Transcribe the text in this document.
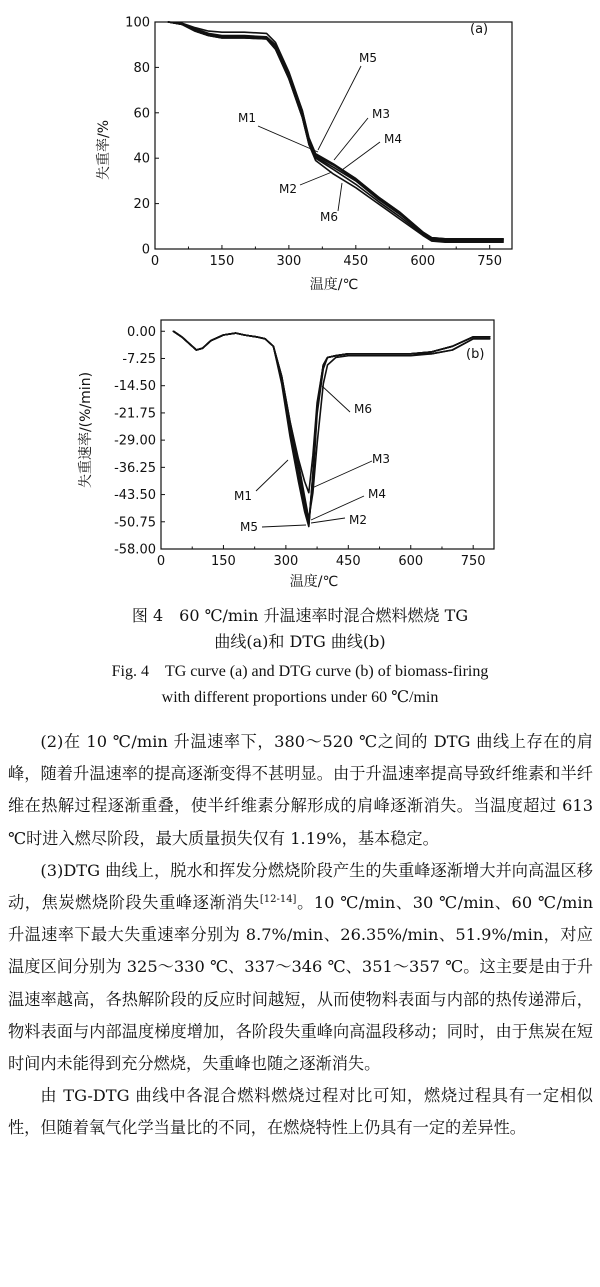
0	150	300	450	600	750
0
20
40
60
80
100
M1
M2
M3
M4
M5
M6
(a)
失重率/%
温度/℃
0	150	300	450	600	750
0.00
-7.25
-14.50
-21.75
-29.00
-36.25
-43.50
-50.75
-58.00
M1
M2
M3
M4
M5
M6
(b)
失重速率/(%/min)
温度/℃
图 4　60 ℃/min 升温速率时混合燃料燃烧 TG
曲线(a)和 DTG 曲线(b)
Fig. 4　TG curve (a) and DTG curve (b) of biomass-firing
with different proportions under 60 ℃/min

(2)在 10 ℃/min 升温速率下，380～520 ℃之间的 DTG 曲线上存在的肩峰，随着升温速率的提高逐渐变得不甚明显。由于升温速率提高导致纤维素和半纤维在热解过程逐渐重叠，使半纤维素分解形成的肩峰逐渐消失。当温度超过 613 ℃时进入燃尽阶段，最大质量损失仅有 1.19%，基本稳定。

(3)DTG 曲线上，脱水和挥发分燃烧阶段产生的失重峰逐渐增大并向高温区移动，焦炭燃烧阶段失重峰逐渐消失[12-14]。10 ℃/min、30 ℃/min、60 ℃/min 升温速率下最大失重速率分别为 8.7%/min、26.35%/min、51.9%/min，对应温度区间分别为 325～330 ℃、337～346 ℃、351～357 ℃。这主要是由于升温速率越高，各热解阶段的反应时间越短，从而使物料表面与内部的热传递滞后，物料表面与内部温度梯度增加，各阶段失重峰向高温段移动；同时，由于焦炭在短时间内未能得到充分燃烧，失重峰也随之逐渐消失。

由 TG-DTG 曲线中各混合燃料燃烧过程对比可知，燃烧过程具有一定相似性，但随着氧气化学当量比的不同，在燃烧特性上仍具有一定的差异性。
